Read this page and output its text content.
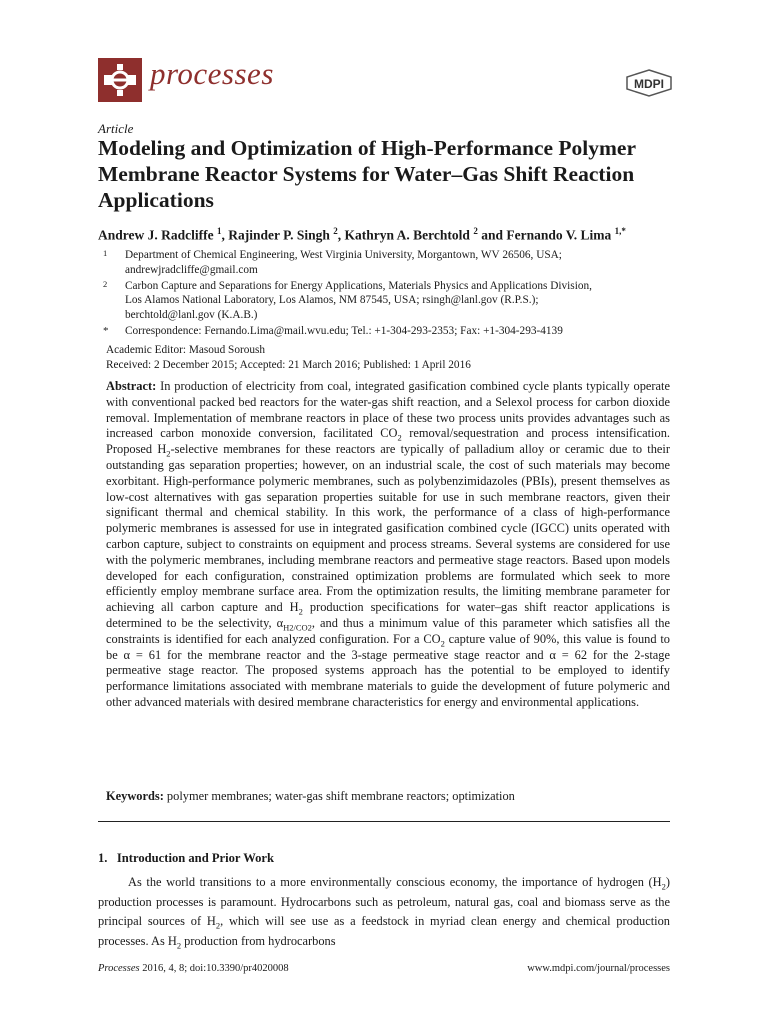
processes	MDPI
Article
Modeling and Optimization of High-Performance Polymer Membrane Reactor Systems for Water–Gas Shift Reaction Applications
Andrew J. Radcliffe $^1$, Rajinder P. Singh $^2$, Kathryn A. Berchtold $^2$ and Fernando V. Lima $^{1,*}$
1 Department of Chemical Engineering, West Virginia University, Morgantown, WV 26506, USA;
andrewjradcliffe@gmail.com
2 Carbon Capture and Separations for Energy Applications, Materials Physics and Applications Division,
Los Alamos National Laboratory, Los Alamos, NM 87545, USA; rsingh@lanl.gov (R.P.S.);
berchtold@lanl.gov (K.A.B.)
* Correspondence: Fernando.Lima@mail.wvu.edu; Tel.: +1-304-293-2353; Fax: +1-304-293-4139
Academic Editor: Masoud Soroush
Received: 2 December 2015; Accepted: 21 March 2016; Published: 1 April 2016

Abstract: In production of electricity from coal, integrated gasification combined cycle plants typically operate with conventional packed bed reactors for the water-gas shift reaction, and a Selexol process for carbon dioxide removal. Implementation of membrane reactors in place of these two process units provides advantages such as increased carbon monoxide conversion, facilitated $CO_2$ removal/sequestration and process intensification. Proposed $H_2$-selective membranes for these reactors are typically of palladium alloy or ceramic due to their outstanding gas separation properties; however, on an industrial scale, the cost of such materials may become exorbitant. High-performance polymeric membranes, such as polybenzimidazoles (PBIs), present themselves as low-cost alternatives with gas separation properties suitable for use in such membrane reactors, given their significant thermal and chemical stability. In this work, the performance of a class of high-performance polymeric membranes is assessed for use in integrated gasification combined cycle (IGCC) units operated with carbon capture, subject to constraints on equipment and process streams. Several systems are considered for use with the polymeric membranes, including membrane reactors and permeative stage reactors. Based upon models developed for each configuration, constrained optimization problems are formulated which seek to more efficiently employ membrane surface area. From the optimization results, the limiting membrane parameter for achieving all carbon capture and $H_2$ production specifications for water–gas shift reactor applications is determined to be the selectivity, $\alpha_{H2/CO2}$, and thus a minimum value of this parameter which satisfies all the constraints is identified for each analyzed configuration. For a $CO_2$ capture value of 90%, this value is found to be α = 61 for the membrane reactor and the 3-stage permeative stage reactor and α = 62 for the 2-stage permeative stage reactor. The proposed systems approach has the potential to be employed to identify performance limitations associated with membrane materials to guide the development of future polymeric and other advanced materials with desired membrane characteristics for energy and environmental applications.

Keywords: polymer membranes; water-gas shift membrane reactors; optimization
1.   Introduction and Prior Work

As the world transitions to a more environmentally conscious economy, the importance of hydrogen $(H_2)$ production processes is paramount. Hydrocarbons such as petroleum, natural gas, coal and biomass serve as the principal sources of $H_2$, which will see use as a feedstock in myriad clean energy and chemical production processes. As $H_2$ production from hydrocarbons

Processes 2016, 4, 8; doi:10.3390/pr4020008	www.mdpi.com/journal/processes
